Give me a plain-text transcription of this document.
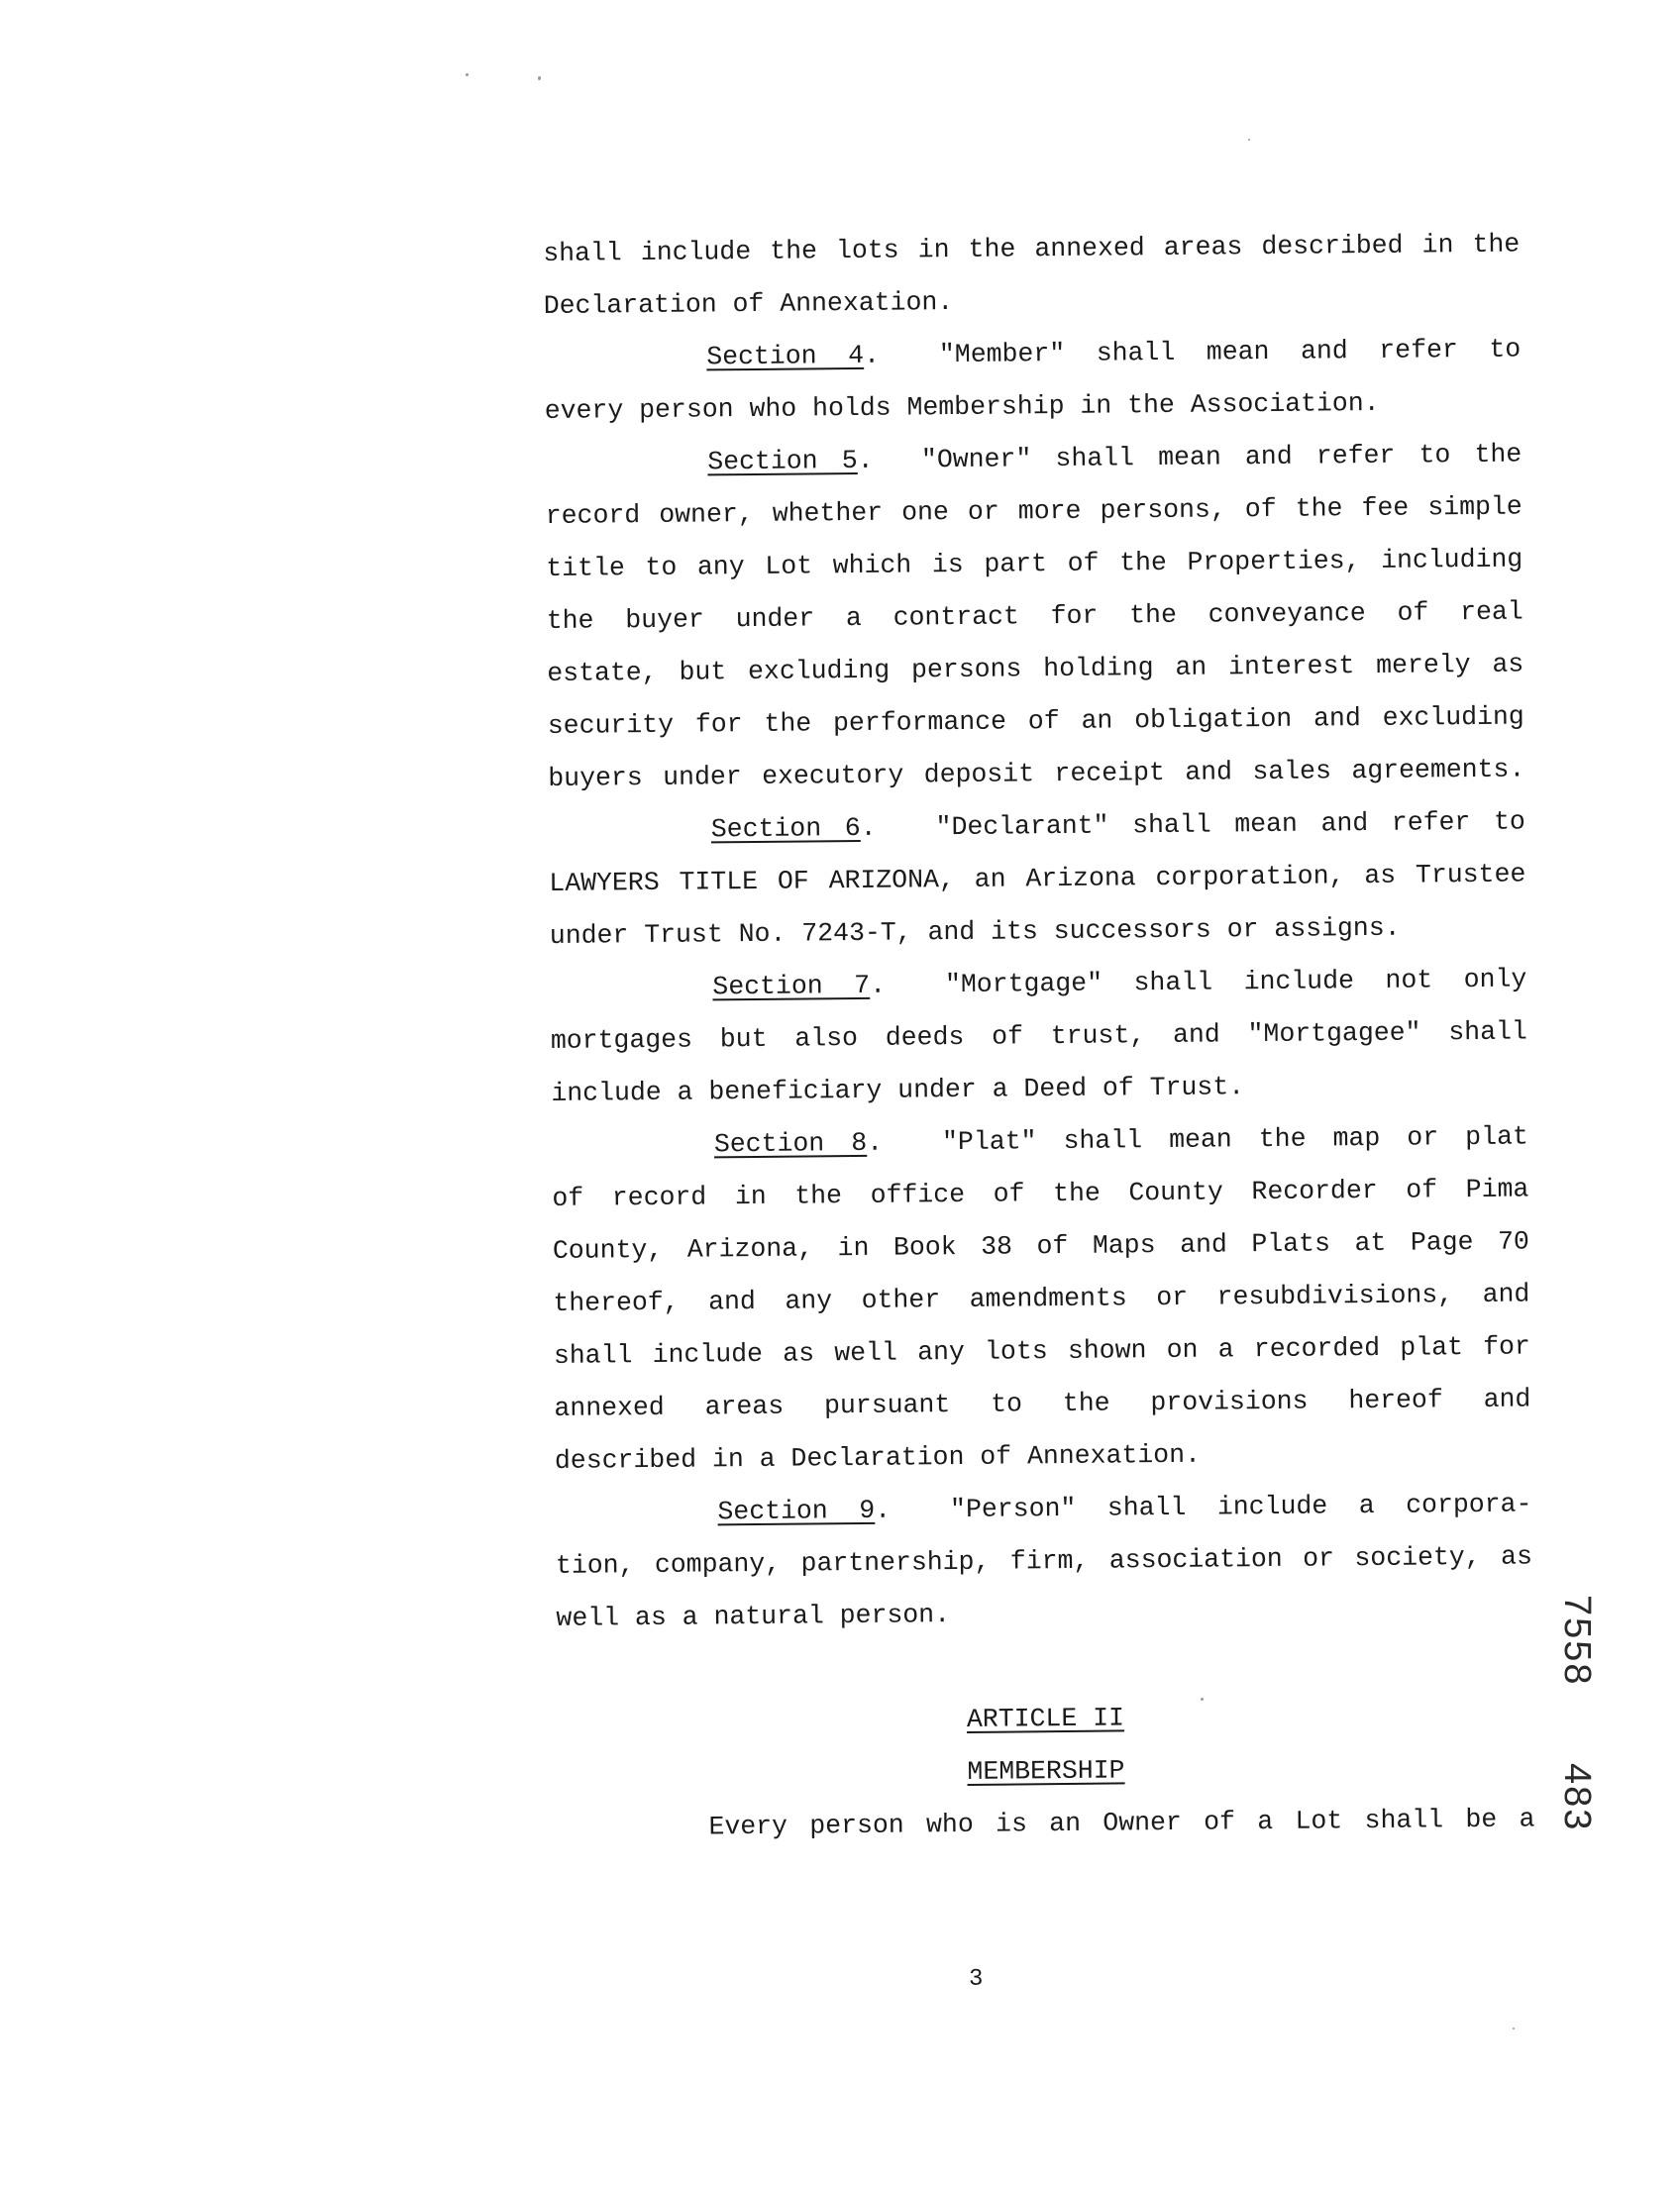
shall include the lots in the annexed areas described in the
Declaration of Annexation.

Section 4. "Member" shall mean and refer to
every person who holds Membership in the Association.

Section 5.  "Owner" shall mean and refer to the
record owner, whether one or more persons, of the fee simple
title to any Lot which is part of the Properties, including
the buyer under a contract for the conveyance of real
estate, but excluding persons holding an interest merely as
security for the performance of an obligation and excluding
buyers under executory deposit receipt and sales agreements.

Section 6. "Declarant" shall mean and refer to
LAWYERS TITLE OF ARIZONA, an Arizona corporation, as Trustee
under Trust No. 7243-T, and its successors or assigns.

Section 7. "Mortgage" shall include not only
mortgages but also deeds of trust, and "Mortgagee" shall
include a beneficiary under a Deed of Trust.

Section 8. "Plat" shall mean the map or plat
of record in the office of the County Recorder of Pima
County, Arizona, in Book 38 of Maps and Plats at Page 70
thereof, and any other amendments or resubdivisions, and
shall include as well any lots shown on a recorded plat for
annexed areas pursuant to the provisions hereof and
described in a Declaration of Annexation.

Section 9. "Person" shall include a corpora-
tion, company, partnership, firm, association or society, as
well as a natural person.

ARTICLE II

MEMBERSHIP

Every person who is an Owner of a Lot shall be a

3
7558
483
